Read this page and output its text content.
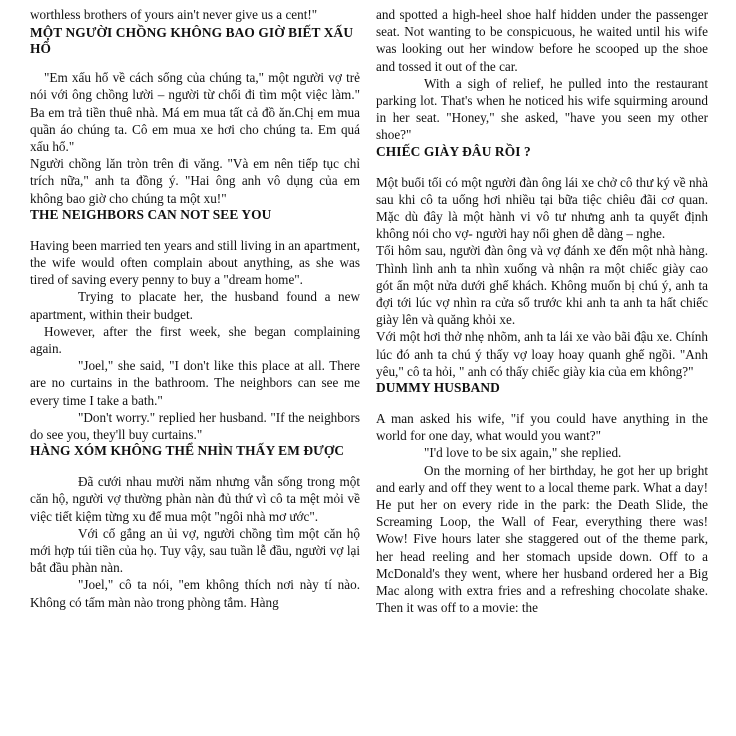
worthless brothers of yours ain't never give us a cent!"

MỘT NGƯỜI CHỒNG KHÔNG BAO GIỜ BIẾT XẤU HỔ

"Em xấu hổ về cách sống của chúng ta," một người vợ trẻ nói với ông chồng lười – người từ chối đi tìm một việc làm." Ba em trả tiền thuê nhà. Má em mua tất cả đồ ăn.Chị em mua quần áo chúng ta. Cô em mua xe hơi cho chúng ta. Em quá xấu hổ."

Người chồng lăn tròn trên đi văng. "Và em nên tiếp tục chỉ trích nữa," anh ta đồng ý. "Hai ông anh vô dụng của em không bao giờ cho chúng ta một xu!"

THE NEIGHBORS CAN NOT SEE YOU

Having been married ten years and still living in an apartment, the wife would often complain about anything, as she was tired of saving every penny to buy a "dream home".

Trying to placate her, the husband found a new apartment, within their budget.

However, after the first week, she began complaining again.

"Joel," she said, "I don't like this place at all. There are no curtains in the bathroom. The neighbors can see me every time I take a bath."

"Don't worry." replied her husband. "If the neighbors do see you, they'll buy curtains."

HÀNG XÓM KHÔNG THỂ NHÌN THẤY EM ĐƯỢC

Đã cưới nhau mười năm nhưng vẫn sống trong một căn hộ, người vợ thường phàn nàn đủ thứ vì cô ta mệt mỏi về việc tiết kiệm từng xu để mua một "ngôi nhà mơ ước".

Với cố gắng an ủi vợ, người chồng tìm một căn hộ mới hợp túi tiền của họ. Tuy vậy, sau tuần lễ đầu, người vợ lại bắt đầu phàn nàn.

"Joel," cô ta nói, "em không thích nơi này tí nào. Không có tấm màn nào trong phòng tắm. Hàng

and spotted a high-heel shoe half hidden under the passenger seat. Not wanting to be conspicuous, he waited until his wife was looking out her window before he scooped up the shoe and tossed it out of the car.

With a sigh of relief, he pulled into the restaurant parking lot. That's when he noticed his wife squirming around in her seat. "Honey," she asked, "have you seen my other shoe?"

CHIẾC GIÀY ĐÂU RỒI ?

Một buổi tối có một người đàn ông lái xe chở cô thư ký về nhà sau khi cô ta uống hơi nhiều tại bữa tiệc chiêu đãi cơ quan. Mặc dù đây là một hành vi vô tư nhưng anh ta quyết định không nói cho vợ- người hay nổi ghen dễ dàng – nghe.

Tối hôm sau, người đàn ông và vợ đánh xe đến một nhà hàng. Thình lình anh ta nhìn xuống và nhận ra một chiếc giày cao gót ẩn một nửa dưới ghế khách. Không muốn bị chú ý, anh ta đợi tới lúc vợ nhìn ra cửa sổ trước khi anh ta anh ta hất chiếc giày lên và quăng khỏi xe.

Với một hơi thở nhẹ nhõm, anh ta lái xe vào bãi đậu xe. Chính lúc đó anh ta chú ý thấy vợ loay hoay quanh ghế ngồi. "Anh yêu," cô ta hỏi, " anh có thấy chiếc giày kia của em không?"

DUMMY HUSBAND

A man asked his wife, "if you could have anything in the world for one day, what would you want?"

"I'd love to be six again," she replied.

On the morning of her birthday, he got her up bright and early and off they went to a local theme park. What a day! He put her on every ride in the park: the Death Slide, the Screaming Loop, the Wall of Fear, everything there was! Wow! Five hours later she staggered out of the theme park, her head reeling and her stomach upside down. Off to a McDonald's they went, where her husband ordered her a Big Mac along with extra fries and a refreshing chocolate shake. Then it was off to a movie: the
